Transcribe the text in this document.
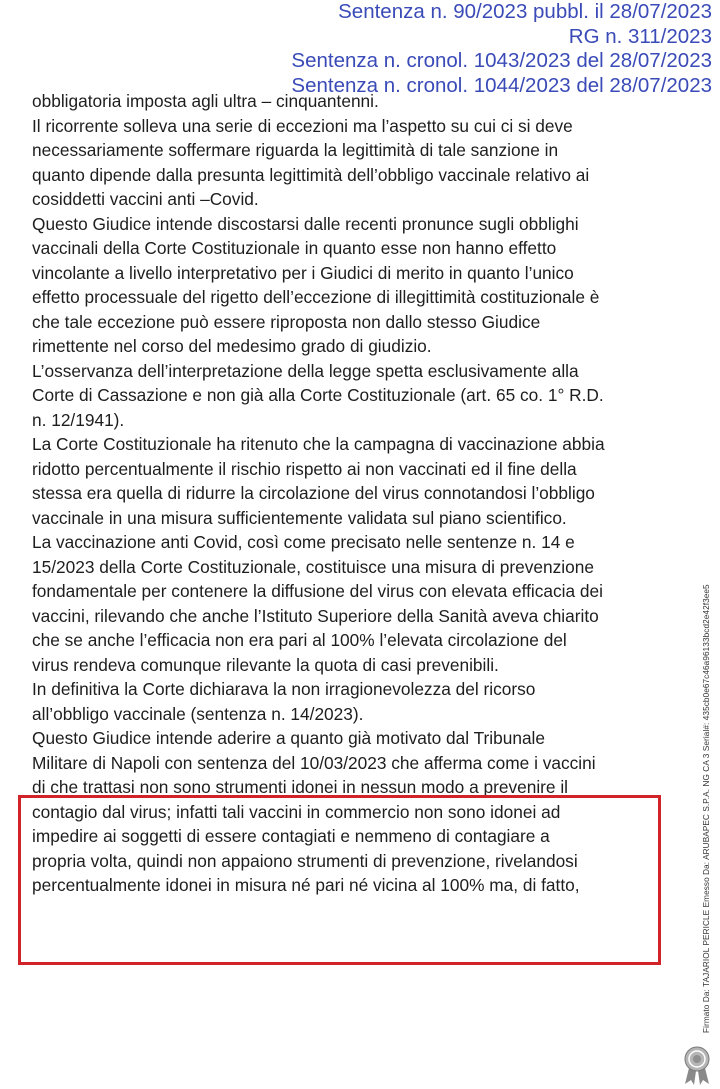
Sentenza n. 90/2023 pubbl. il 28/07/2023
RG n. 311/2023
Sentenza n. cronol. 1043/2023 del 28/07/2023
Sentenza n. cronol. 1044/2023 del 28/07/2023
obbligatoria imposta agli ultra – cinquantenni.
Il ricorrente solleva una serie di eccezioni ma l’aspetto su cui ci si deve
necessariamente soffermare riguarda la legittimità di tale sanzione in
quanto dipende dalla presunta legittimità dell’obbligo vaccinale relativo ai
cosiddetti vaccini anti –Covid.
Questo Giudice intende discostarsi dalle recenti pronunce sugli obblighi
vaccinali della Corte Costituzionale in quanto esse non hanno effetto
vincolante a livello interpretativo per i Giudici di merito in quanto l’unico
effetto processuale del rigetto dell’eccezione di illegittimità costituzionale è
che tale eccezione può essere riproposta non dallo stesso Giudice
rimettente nel corso del medesimo grado di giudizio.
L’osservanza dell’interpretazione della legge spetta esclusivamente alla
Corte di Cassazione e non già alla Corte Costituzionale (art. 65 co. 1° R.D.
n. 12/1941).
La Corte Costituzionale ha ritenuto che la campagna di vaccinazione abbia
ridotto percentualmente il rischio rispetto ai non vaccinati ed il fine della
stessa era quella di ridurre la circolazione del virus connotandosi l’obbligo
vaccinale in una misura sufficientemente validata sul piano scientifico.
La vaccinazione anti Covid, così come precisato nelle sentenze n. 14 e
15/2023 della Corte Costituzionale, costituisce una misura di prevenzione
fondamentale per contenere la diffusione del virus con elevata efficacia dei
vaccini, rilevando che anche l’Istituto Superiore della Sanità aveva chiarito
che se anche l’efficacia non era pari al 100% l’elevata circolazione del
virus rendeva comunque rilevante la quota di casi prevenibili.
In definitiva la Corte dichiarava la non irragionevolezza del ricorso
all’obbligo vaccinale (sentenza n. 14/2023).
Questo Giudice intende aderire a quanto già motivato dal Tribunale
Militare di Napoli con sentenza del 10/03/2023 che afferma come i vaccini
di che trattasi non sono strumenti idonei in nessun modo a prevenire il
contagio dal virus; infatti tali vaccini in commercio non sono idonei ad
impedire ai soggetti di essere contagiati e nemmeno di contagiare a
propria volta, quindi non appaiono strumenti di prevenzione, rivelandosi
percentualmente idonei in misura né pari né vicina al 100% ma, di fatto,	Firmato Da: TAJARIOL PERICLE Emesso Da: ARUBAPEC S.P.A. NG CA 3 Serial#: 435cb0e67c46a96133bcd2e42f3ee5
